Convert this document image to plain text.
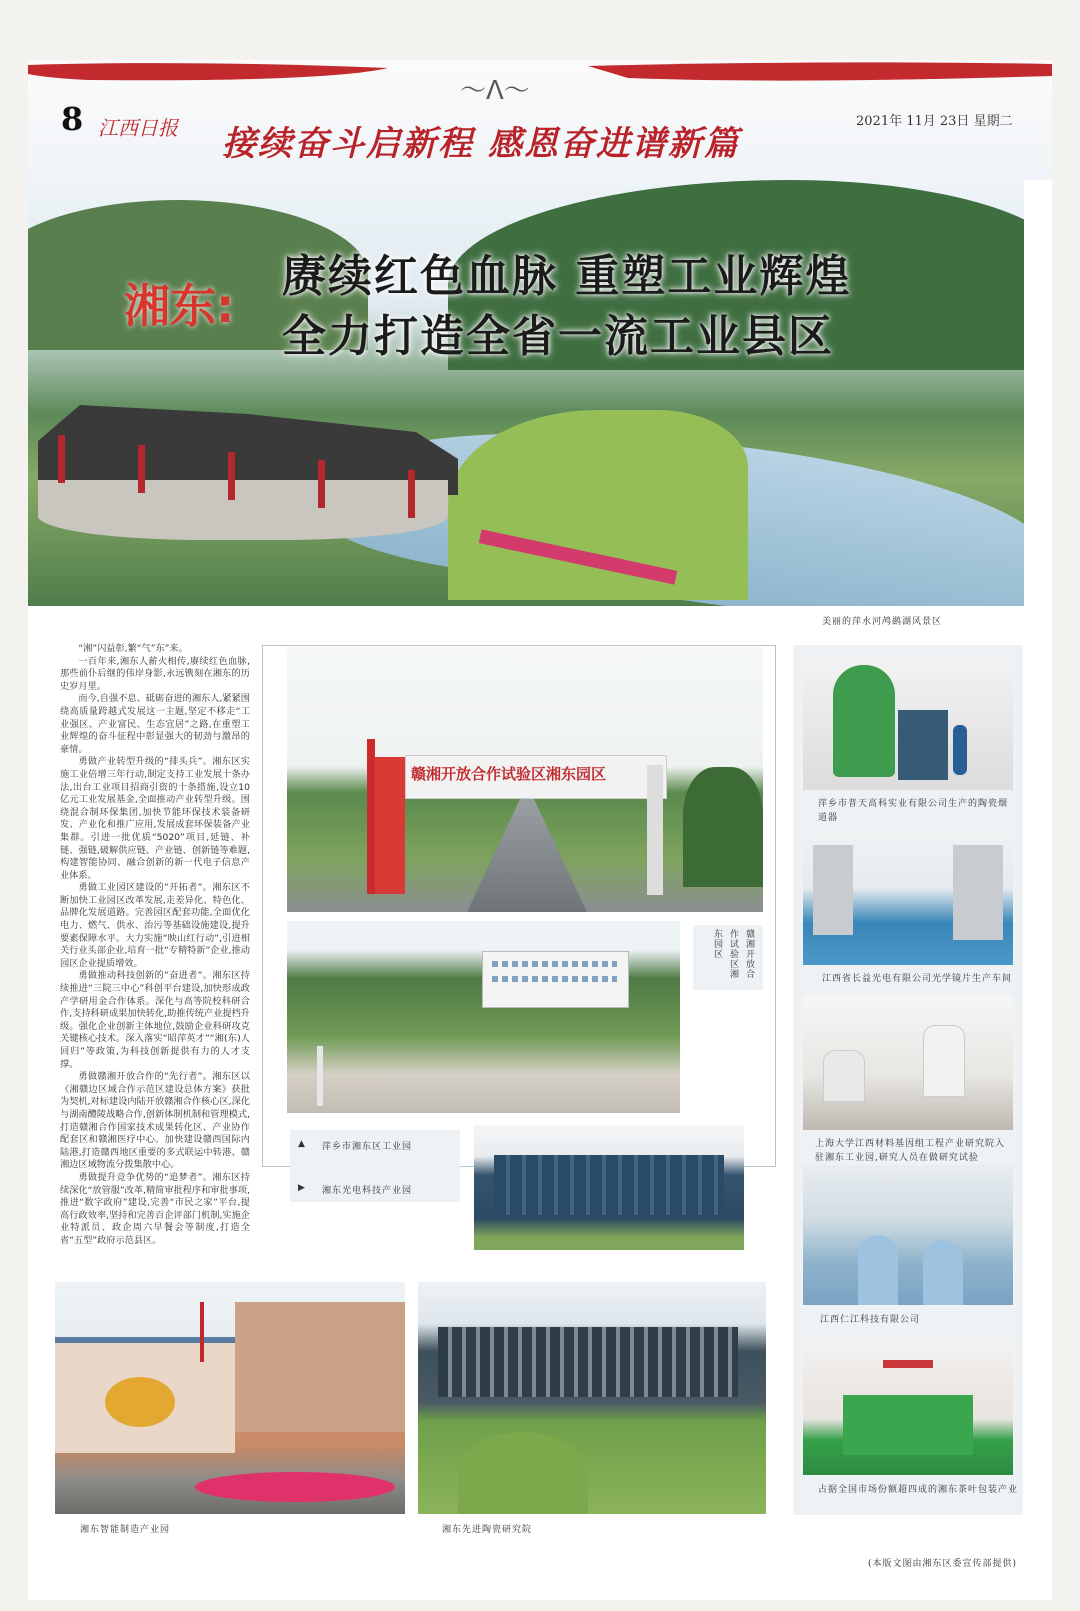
〜ⴷ〜
8 江西日报 接续奋斗启新程 感恩奋进谱新篇
2021年 11月 23日 星期二
湘东:
赓续红色血脉 重塑工业辉煌
全力打造全省一流工业县区
美丽的萍水河鸬鹚湖风景区

“湘”闪益彰,繁“气”东”来。

一百年来,湘东人薪火相传,赓续红色血脉,那些前仆后继的伟岸身影,永远镌刻在湘东的历史岁月里。

而今,自强不息、砥砺奋进的湘东人,紧紧围绕高质量跨越式发展这一主题,坚定不移走“工业强区、产业富民、生态宜居”之路,在重塑工业辉煌的奋斗征程中彰显强大的韧劲与激昂的豪情。

勇做产业转型升级的“排头兵”。湘东区实施工业倍增三年行动,制定支持工业发展十条办法,出台工业项目招商引资的十条措施,设立10亿元工业发展基金,全面推动产业转型升级。围绕混合制环保集团,加快节能环保技术装备研发、产业化和推广应用,发展成套环保装备产业集群。引进一批优质“5020”项目,延链、补链、强链,破解供应链、产业链、创新链等难题,构建智能协同、融合创新的新一代电子信息产业体系。

勇做工业园区建设的“开拓者”。湘东区不断加快工业园区改革发展,走差异化、特色化、品牌化发展道路。完善园区配套功能,全面优化电力、燃气、供水、治污等基础设施建设,提升要素保障水平。大力实施“映山红行动”,引进相关行业头部企业,培育一批“专精特新”企业,推动园区企业提质增效。

勇做推动科技创新的“奋进者”。湘东区持续推进“三院三中心”科创平台建设,加快形成政产学研用金合作体系。深化与高等院校科研合作,支持科研成果加快转化,助推传统产业提档升级。强化企业创新主体地位,鼓励企业科研攻克关键核心技术。深入落实“昭萍英才”“湘(东)人回归”等政策,为科技创新提供有力的人才支撑。

勇做赣湘开放合作的“先行者”。湘东区以《湘赣边区域合作示范区建设总体方案》获批为契机,对标建设内陆开放赣湘合作核心区,深化与湖南醴陵战略合作,创新体制机制和管理模式,打造赣湘合作国家技术成果转化区、产业协作配套区和赣湘医疗中心。加快建设赣西国际内陆港,打造赣西地区重要的多式联运中转港、赣湘边区域物流分拨集散中心。

勇做提升竞争优势的“追梦者”。湘东区持续深化“放管服”改革,精简审批程序和审批事项,推进“数字政府”建设,完善“市民之家”平台,提高行政效率,坚持和完善百企评部门机制,实施企业特派员、政企周六早餐会等制度,打造全省“五型”政府示范县区。

赣湘开放合作试验区湘东园区
赣湘开放合作试验区湘东园区
▲ 萍乡市湘东区工业园
▶ 湘东光电科技产业园
萍乡市普天高科实业有限公司生产的陶瓷烟道器
江西省长益光电有限公司光学镜片生产车间
上海大学江西材料基因组工程产业研究院入驻湘东工业园,研究人员在做研究试验
江西仁江科技有限公司
占据全国市场份额超四成的湘东茶叶包装产业
湘东智能制造产业园	湘东先进陶瓷研究院
(本版文图由湘东区委宣传部提供)
